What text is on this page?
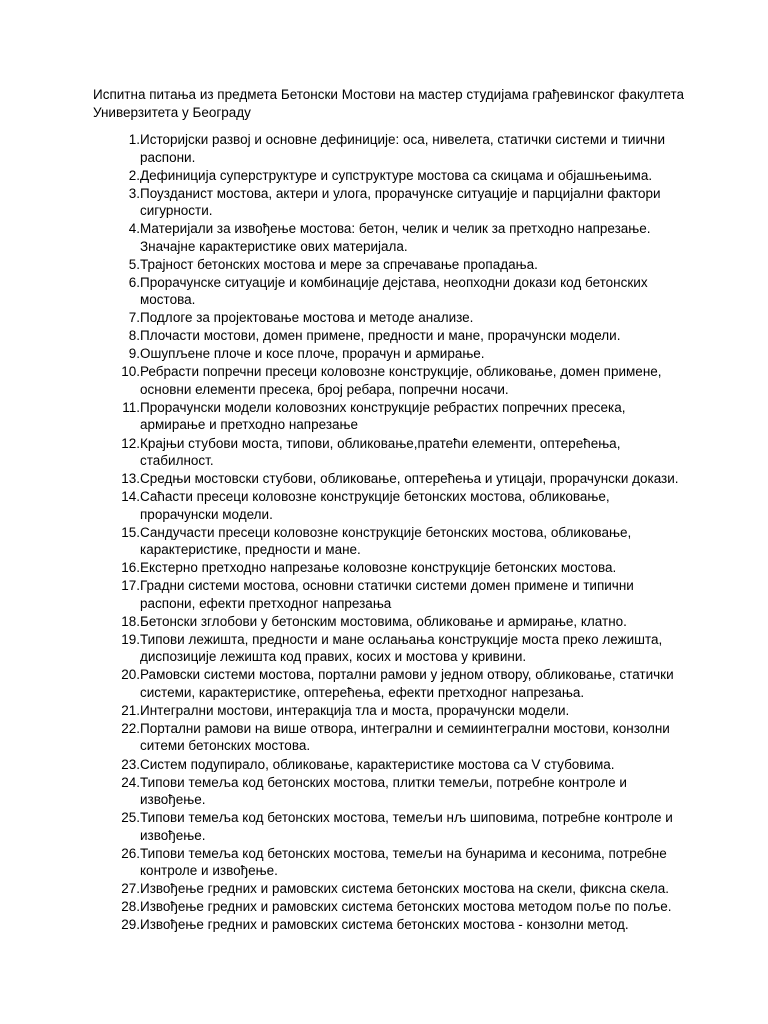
Испитна питања из предмета Бетонски Мостови на мастер студијама грађевинског факултета Универзитета у Београду
1. Историјски развој и основне дефиниције: оса, нивелета, статички системи и тиични распони.
2. Дефиниција суперструктуре и супструктуре мостова са скицама и објашњењима.
3. Поузданист мостова, актери и улога, прорачунске ситуације и парцијални фактори сигурности.
4. Материјали за извођење мостова: бетон, челик и челик за претходно напрезање. Значајне карактеристике ових материјала.
5. Трајност бетонских мостова и мере за спречавање пропадања.
6. Прорачунске ситуације и комбинације дејстава, неопходни докази код бетонских мостова.
7. Подлоге за пројектовање мостова и методе анализе.
8. Плочасти мостови, домен примене, предности и мане, прорачунски модели.
9. Ошупљене плоче и косе плоче, прорачун и армирање.
10. Ребрасти попречни пресеци коловозне конструкције, обликовање, домен примене, основни елементи пресека, број ребара, попречни носачи.
11. Прорачунски модели коловозних конструкције ребрастих попречних пресека, армирање и претходно напрезање
12. Крајњи стубови моста, типови, обликовање,пратећи елементи, оптерећења, стабилност.
13. Средњи мостовски стубови, обликовање, оптерећења и утицаји, прорачунски докази.
14. Саћасти пресеци коловозне конструкције бетонских мостова, обликовање, прорачунски модели.
15. Сандучасти пресеци коловозне конструкције бетонских мостова, обликовање, карактеристике, предности и мане.
16. Екстерно претходно напрезање коловозне конструкције бетонских мостова.
17. Градни системи мостова, основни статички системи домен примене и типични распони, ефекти претходног напрезања
18. Бетонски зглобови у бетонским мостовима, обликовање и армирање, клатно.
19. Типови лежишта, предности и мане ослањања конструкције моста преко лежишта, диспозиције лежишта код правих, косих и мостова у кривини.
20. Рамовски системи мостова, портални рамови у једном отвору, обликовање, статички системи, карактеристике, оптерећења, ефекти претходног напрезања.
21. Интегрални мостови, интеракција тла и моста, прорачунски модели.
22. Портални рамови на више отвора, интегрални и семиинтегрални мостови, конзолни ситеми бетонских мостова.
23. Систем подупирало, обликовање, карактеристике мостова са V стубовима.
24. Типови темеља код бетонских мостова, плитки темељи, потребне контроле и извођење.
25. Типови темеља код бетонских мостова, темељи нљ шиповима, потребне контроле и извођење.
26. Типови темеља код бетонских мостова, темељи на бунарима и кесонима, потребне контроле и извођење.
27. Извођење гредних и рамовских система бетонских мостова на скели, фиксна скела.
28. Извођење гредних и рамовских система бетонских мостова методом поље по поље.
29. Извођење гредних и рамовских система бетонских мостова - конзолни метод.
